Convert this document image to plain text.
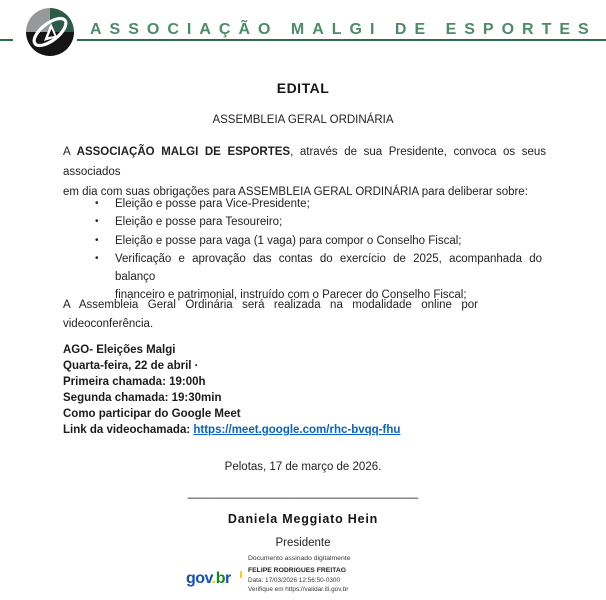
ASSOCIAÇÃO MALGI DE ESPORTES
EDITAL
ASSEMBLEIA GERAL ORDINÁRIA
A ASSOCIAÇÃO MALGI DE ESPORTES, através de sua Presidente, convoca os seus associados
em dia com suas obrigações para ASSEMBLEIA GERAL ORDINÁRIA para deliberar sobre:
•	Eleição e posse para Vice-Presidente;
•	Eleição e posse para Tesoureiro;
•	Eleição e posse para vaga (1 vaga) para compor o Conselho Fiscal;
•	Verificação e aprovação das contas do exercício de 2025, acompanhada do balanço
financeiro e patrimonial, instruído com o Parecer do Conselho Fiscal;
A Assembleia Geral Ordinária será realizada na modalidade online por
videoconferência.
AGO- Eleições Malgi
Quarta-feira, 22 de abril ·
Primeira chamada: 19:00h
Segunda chamada: 19:30min
Como participar do Google Meet
Link da videochamada: https://meet.google.com/rhc-bvqq-fhu
Pelotas, 17 de março de 2026.
____________________________________
Daniela Meggiato Hein
Presidente
gov.br
Documento assinado digitalmente
FELIPE RODRIGUES FREITAG
Data: 17/03/2026 12:56:50-0300
Verifique em https://validar.iti.gov.br
